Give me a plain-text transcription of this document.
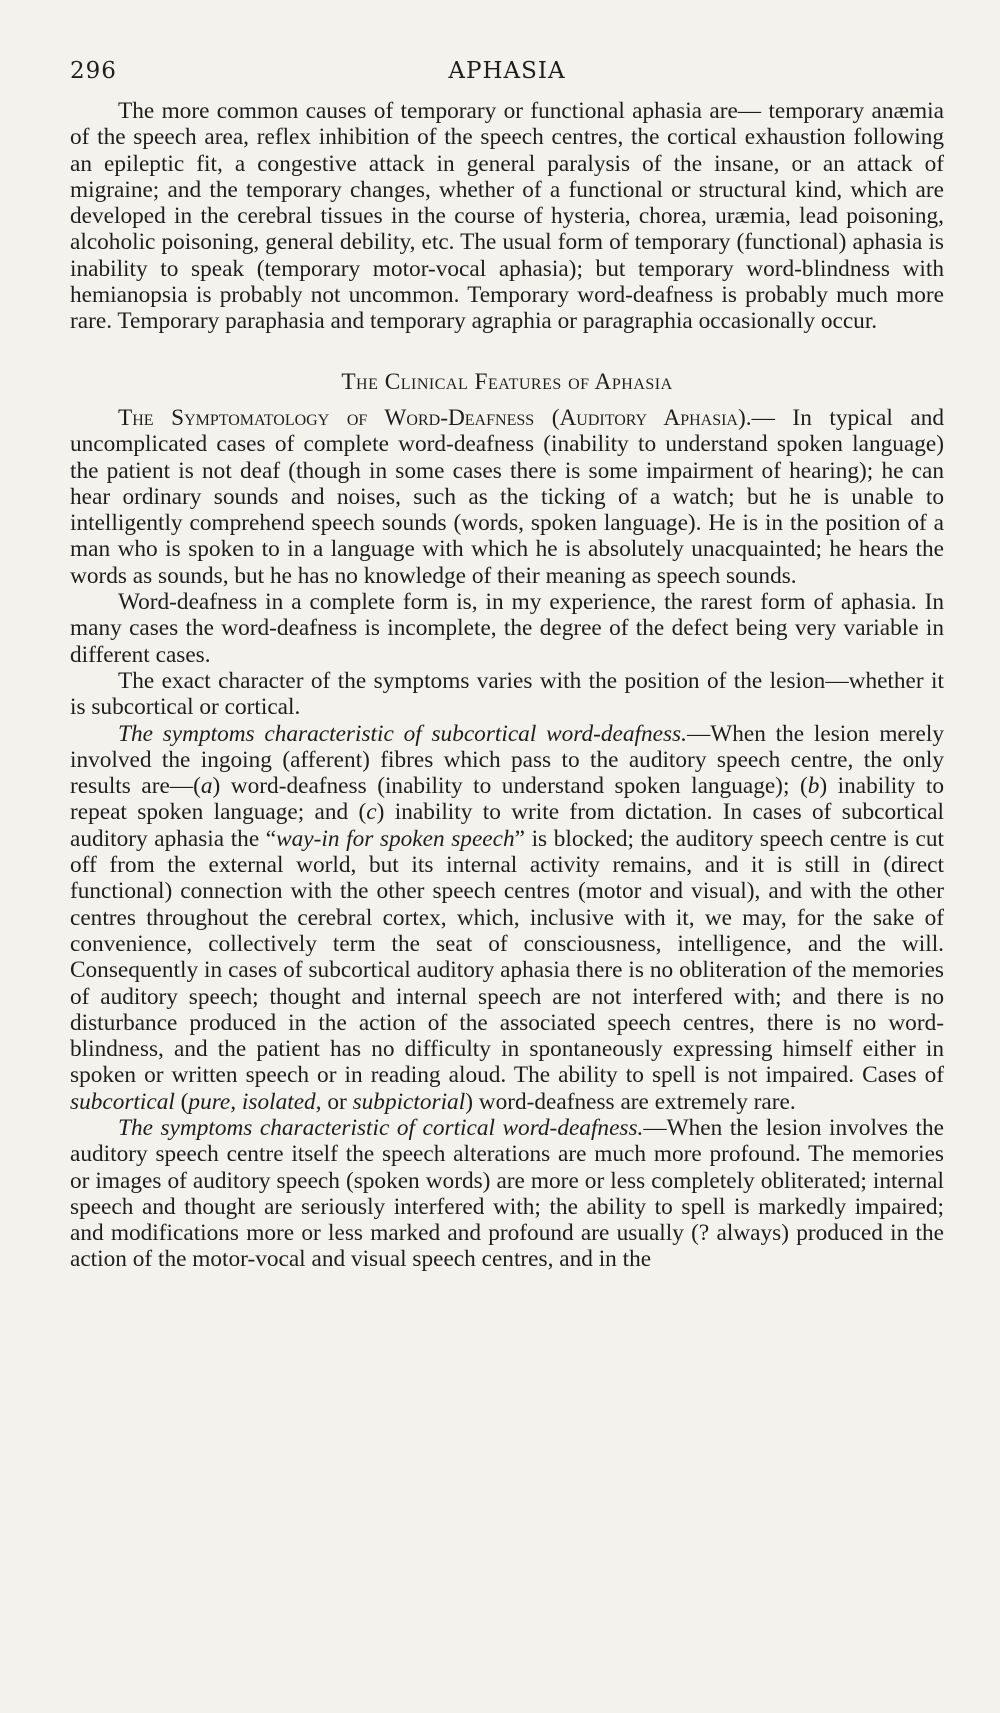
296	APHASIA

The more common causes of temporary or functional aphasia are— temporary anæmia of the speech area, reflex inhibition of the speech centres, the cortical exhaustion following an epileptic fit, a congestive attack in general paralysis of the insane, or an attack of migraine; and the temporary changes, whether of a functional or structural kind, which are developed in the cerebral tissues in the course of hysteria, chorea, uræmia, lead poisoning, alcoholic poisoning, general debility, etc. The usual form of temporary (functional) aphasia is inability to speak (temporary motor-vocal aphasia); but temporary word-blindness with hemianopsia is probably not uncommon. Temporary word-deafness is probably much more rare. Temporary paraphasia and temporary agraphia or paragraphia occasionally occur.

The Clinical Features of Aphasia

The Symptomatology of Word-Deafness (Auditory Aphasia).— In typical and uncomplicated cases of complete word-deafness (inability to understand spoken language) the patient is not deaf (though in some cases there is some impairment of hearing); he can hear ordinary sounds and noises, such as the ticking of a watch; but he is unable to intelligently comprehend speech sounds (words, spoken language). He is in the position of a man who is spoken to in a language with which he is absolutely unacquainted; he hears the words as sounds, but he has no knowledge of their meaning as speech sounds.

Word-deafness in a complete form is, in my experience, the rarest form of aphasia. In many cases the word-deafness is incomplete, the degree of the defect being very variable in different cases.

The exact character of the symptoms varies with the position of the lesion—whether it is subcortical or cortical.

The symptoms characteristic of subcortical word-deafness.—When the lesion merely involved the ingoing (afferent) fibres which pass to the auditory speech centre, the only results are—(a) word-deafness (inability to understand spoken language); (b) inability to repeat spoken language; and (c) inability to write from dictation. In cases of subcortical auditory aphasia the “way-in for spoken speech” is blocked; the auditory speech centre is cut off from the external world, but its internal activity remains, and it is still in (direct functional) connection with the other speech centres (motor and visual), and with the other centres throughout the cerebral cortex, which, inclusive with it, we may, for the sake of convenience, collectively term the seat of consciousness, intelligence, and the will. Consequently in cases of subcortical auditory aphasia there is no obliteration of the memories of auditory speech; thought and internal speech are not interfered with; and there is no disturbance produced in the action of the associated speech centres, there is no word-blindness, and the patient has no difficulty in spontaneously expressing himself either in spoken or written speech or in reading aloud. The ability to spell is not impaired. Cases of subcortical (pure, isolated, or subpictorial) word-deafness are extremely rare.

The symptoms characteristic of cortical word-deafness.—When the lesion involves the auditory speech centre itself the speech alterations are much more profound. The memories or images of auditory speech (spoken words) are more or less completely obliterated; internal speech and thought are seriously interfered with; the ability to spell is markedly impaired; and modifications more or less marked and profound are usually (? always) produced in the action of the motor-vocal and visual speech centres, and in the
